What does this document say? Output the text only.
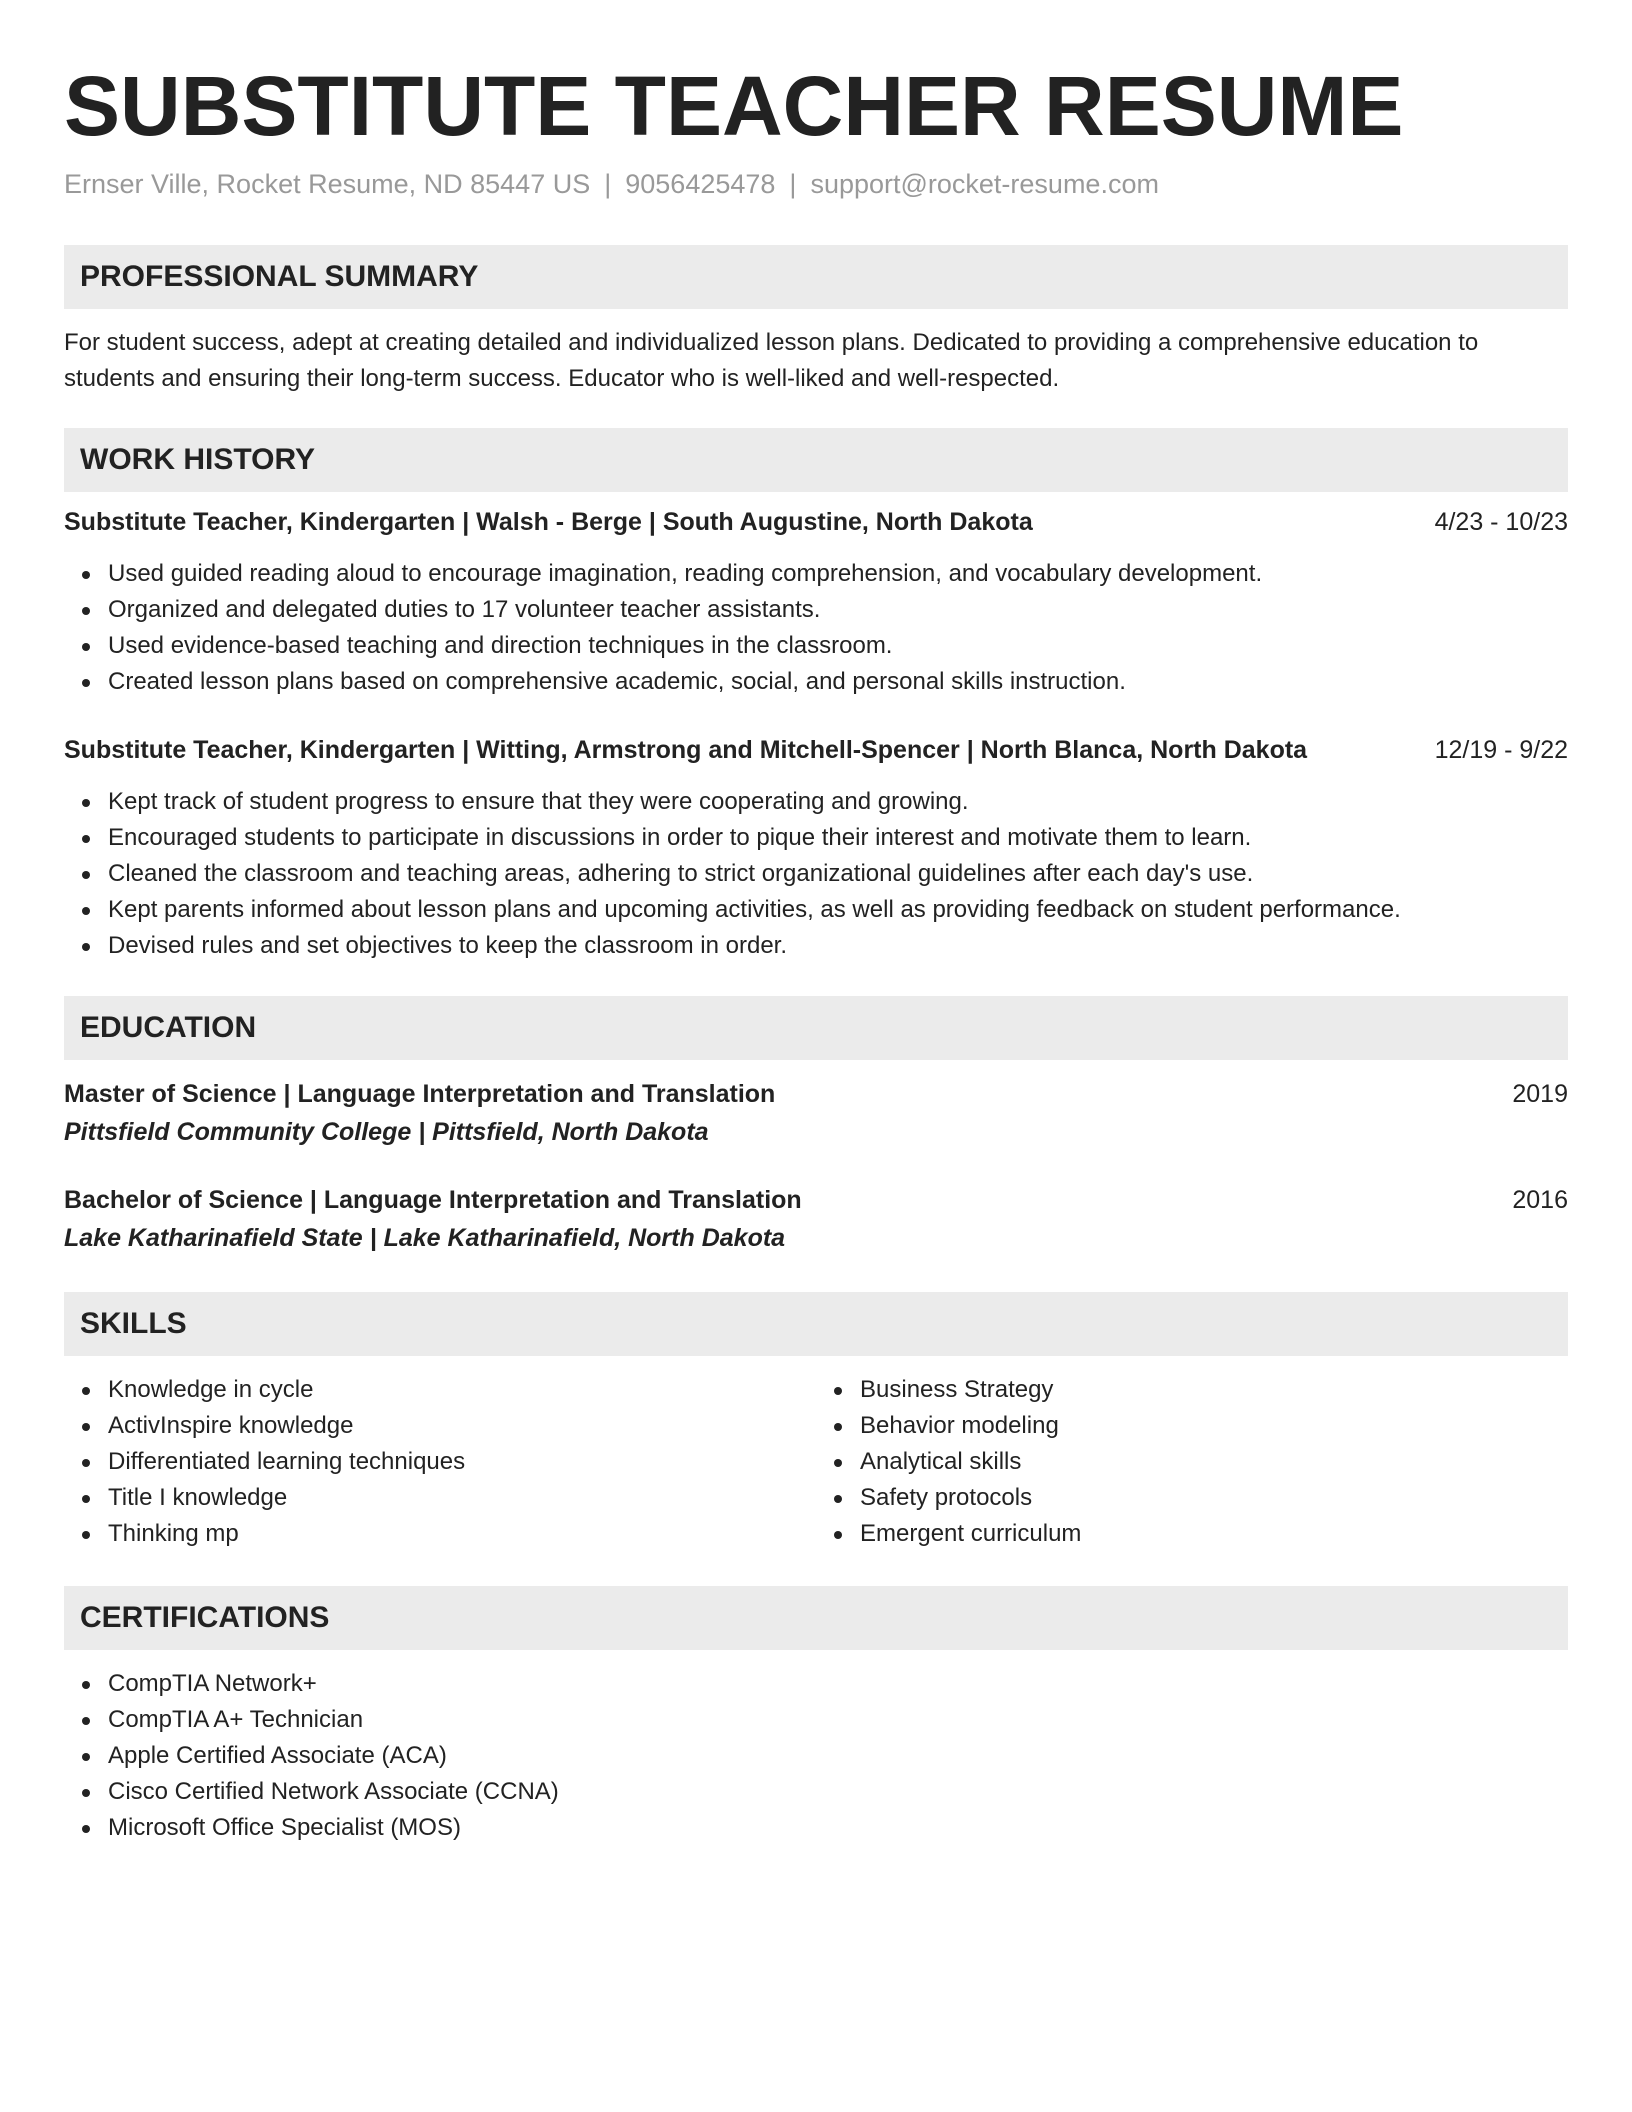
SUBSTITUTE TEACHER RESUME
Ernser Ville, Rocket Resume, ND 85447 US | 9056425478 | support@rocket-resume.com
PROFESSIONAL SUMMARY

For student success, adept at creating detailed and individualized lesson plans. Dedicated to providing a comprehensive education to students and ensuring their long-term success. Educator who is well-liked and well-respected.

WORK HISTORY
Substitute Teacher, Kindergarten | Walsh - Berge | South Augustine, North Dakota	4/23 - 10/23
Used guided reading aloud to encourage imagination, reading comprehension, and vocabulary development.
Organized and delegated duties to 17 volunteer teacher assistants.
Used evidence-based teaching and direction techniques in the classroom.
Created lesson plans based on comprehensive academic, social, and personal skills instruction.
Substitute Teacher, Kindergarten | Witting, Armstrong and Mitchell-Spencer | North Blanca, North Dakota	12/19 - 9/22
Kept track of student progress to ensure that they were cooperating and growing.
Encouraged students to participate in discussions in order to pique their interest and motivate them to learn.
Cleaned the classroom and teaching areas, adhering to strict organizational guidelines after each day's use.
Kept parents informed about lesson plans and upcoming activities, as well as providing feedback on student performance.
Devised rules and set objectives to keep the classroom in order.
EDUCATION
Master of Science | Language Interpretation and Translation	2019
Pittsfield Community College | Pittsfield, North Dakota
Bachelor of Science | Language Interpretation and Translation	2016
Lake Katharinafield State | Lake Katharinafield, North Dakota
SKILLS
Knowledge in cycle
ActivInspire knowledge
Differentiated learning techniques
Title I knowledge
Thinking mp
Business Strategy
Behavior modeling
Analytical skills
Safety protocols
Emergent curriculum
CERTIFICATIONS
CompTIA Network+
CompTIA A+ Technician
Apple Certified Associate (ACA)
Cisco Certified Network Associate (CCNA)
Microsoft Office Specialist (MOS)
